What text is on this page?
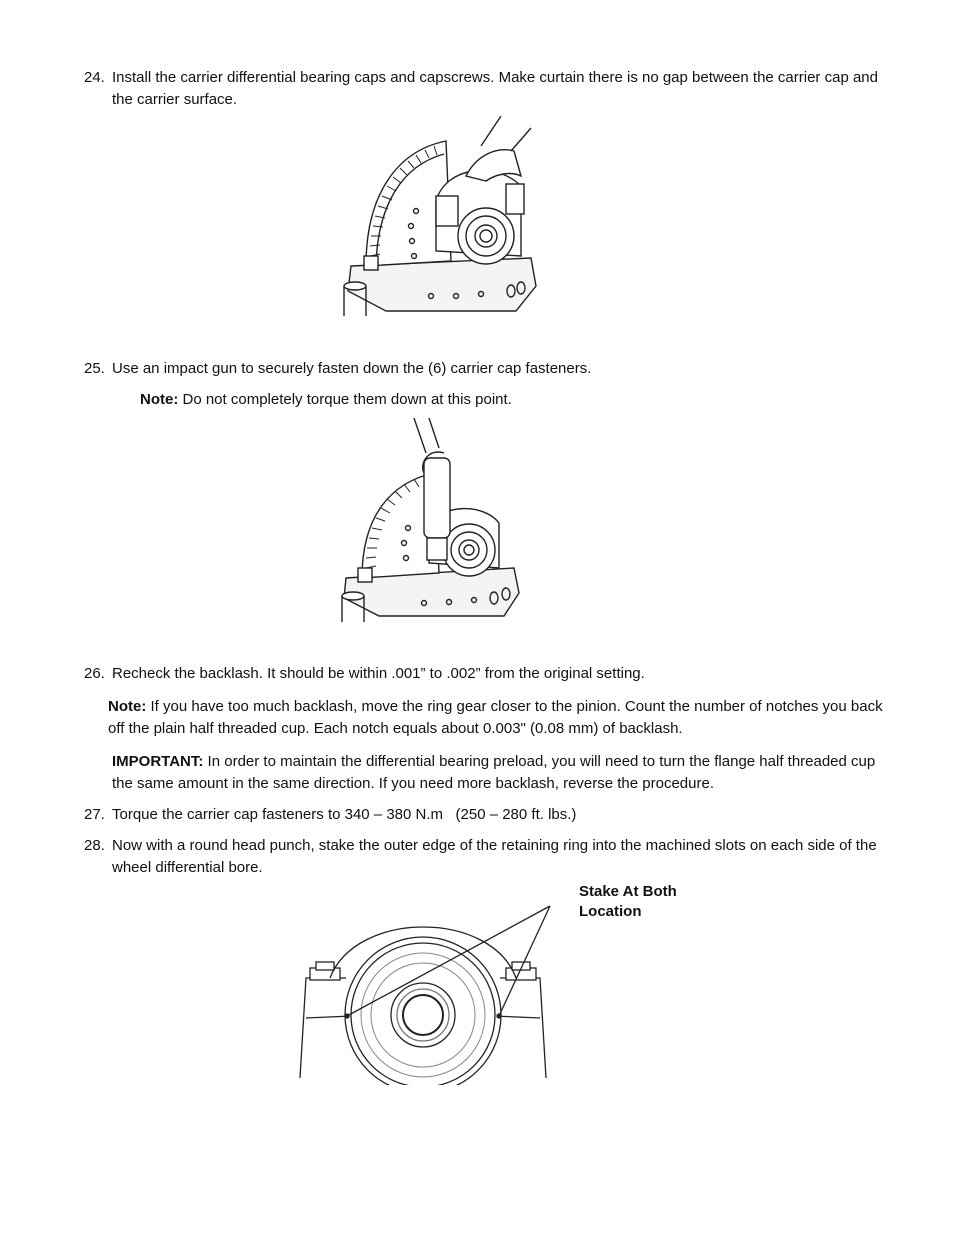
24. Install the carrier differential bearing caps and capscrews. Make curtain there is no gap between the carrier cap and the carrier surface.
25. Use an impact gun to securely fasten down the (6) carrier cap fasteners.
Note: Do not completely torque them down at this point.
26. Recheck the backlash. It should be within .001” to .002” from the original setting.
Note: If you have too much backlash, move the ring gear closer to the pinion. Count the number of notches you back off the plain half threaded cup. Each notch equals about 0.003" (0.08 mm) of backlash.
IMPORTANT: In order to maintain the differential bearing preload, you will need to turn the flange half threaded cup the same amount in the same direction. If you need more backlash, reverse the procedure.
27. Torque the carrier cap fasteners to 340 – 380 N.m   (250 – 280 ft. lbs.)
28. Now with a round head punch, stake the outer edge of the retaining ring into the machined slots on each side of the wheel differential bore.
Stake At Both
Location
